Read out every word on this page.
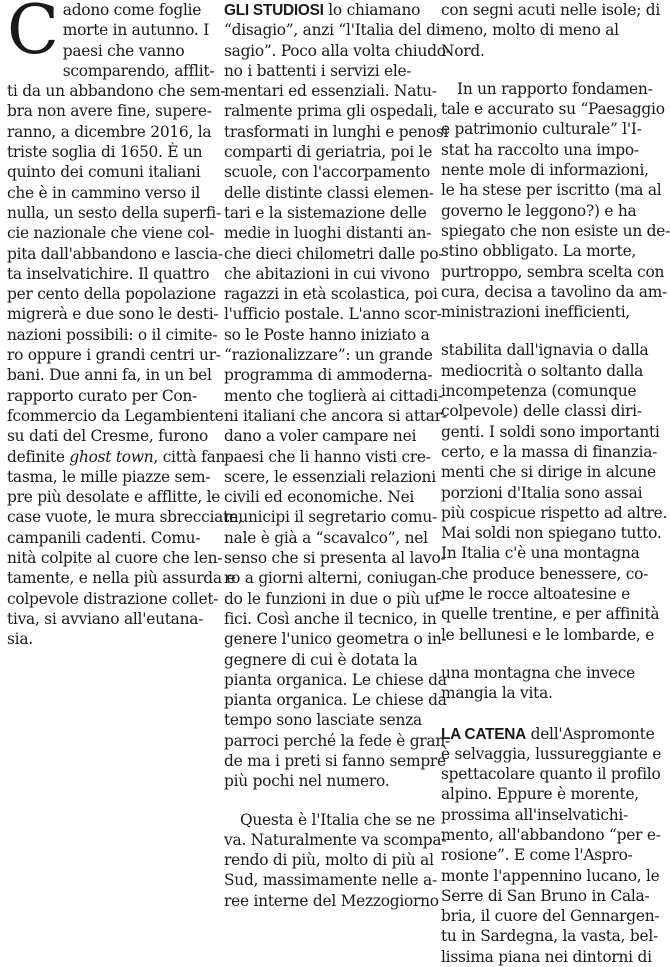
C adono come foglie
morte in autunno. I
paesi che vanno
scomparendo, afflit-
ti da un abbandono che sem-
bra non avere fine, supere-
ranno, a dicembre 2016, la
triste soglia di 1650. È un
quinto dei comuni italiani
che è in cammino verso il
nulla, un sesto della superfi-
cie nazionale che viene col-
pita dall'abbandono e lascia-
ta inselvatichire. Il quattro
per cento della popolazione
migrerà e due sono le desti-
nazioni possibili: o il cimite-
ro oppure i grandi centri ur-
bani. Due anni fa, in un bel
rapporto curato per Con-
fcommercio da Legambiente
su dati del Cresme, furono
definite ghost town, città fan-
tasma, le mille piazze sem-
pre più desolate e afflitte, le
case vuote, le mura sbrecciate,
campanili cadenti. Comu-
nità colpite al cuore che len-
tamente, e nella più assurda e
colpevole distrazione collet-
tiva, si avviano all'eutana-
sia.
GLI STUDIOSI lo chiamano
“disagio”, anzi “l'Italia del di-
sagio”. Poco alla volta chiudo-
no i battenti i servizi ele-
mentari ed essenziali. Natu-
ralmente prima gli ospedali,
trasformati in lunghi e penosi
comparti di geriatria, poi le
scuole, con l'accorpamento
delle distinte classi elemen-
tari e la sistemazione delle
medie in luoghi distanti an-
che dieci chilometri dalle po-
che abitazioni in cui vivono
ragazzi in età scolastica, poi
l'ufficio postale. L'anno scor-
so le Poste hanno iniziato a
“razionalizzare”: un grande
programma di ammoderna-
mento che toglierà ai cittadi-
ni italiani che ancora si attar-
dano a voler campare nei
paesi che li hanno visti cre-
scere, le essenziali relazioni
civili ed economiche. Nei
municipi il segretario comu-
nale è già a “scavalco”, nel
senso che si presenta al lavo-
ro a giorni alterni, coniugan-
do le funzioni in due o più uf-
fici. Così anche il tecnico, in
genere l'unico geometra o in-
gegnere di cui è dotata la
pianta organica. Le chiese da
pianta organica. Le chiese da
tempo sono lasciate senza
parroci perché la fede è gran-
de ma i preti si fanno sempre
più pochi nel numero.
Questa è l'Italia che se ne
va. Naturalmente va scompa-
rendo di più, molto di più al
Sud, massimamente nelle a-
ree interne del Mezzogiorno
con segni acuti nelle isole; di
meno, molto di meno al
Nord.
In un rapporto fondamen-
tale e accurato su “Paesaggio
e patrimonio culturale” l'I-
stat ha raccolto una impo-
nente mole di informazioni,
le ha stese per iscritto (ma al
governo le leggono?) e ha
spiegato che non esiste un de-
stino obbligato. La morte,
purtroppo, sembra scelta con
cura, decisa a tavolino da am-
ministrazioni inefficienti,
stabilita dall'ignavia o dalla
mediocrità o soltanto dalla
incompetenza (comunque
colpevole) delle classi diri-
genti. I soldi sono importanti
certo, e la massa di finanzia-
menti che si dirige in alcune
porzioni d'Italia sono assai
più cospicue rispetto ad altre.
Mai soldi non spiegano tutto.
In Italia c'è una montagna
che produce benessere, co-
me le rocce altoatesine e
quelle trentine, e per affinità
le bellunesi e le lombarde, e
una montagna che invece
mangia la vita.
LA CATENA dell'Aspromonte
è selvaggia, lussureggiante e
spettacolare quanto il profilo
alpino. Eppure è morente,
prossima all'inselvatichi-
mento, all'abbandono “per e-
rosione”. E come l'Aspro-
monte l'appennino lucano, le
Serre di San Bruno in Cala-
bria, il cuore del Gennargen-
tu in Sardegna, la vasta, bel-
lissima piana nei dintorni di
